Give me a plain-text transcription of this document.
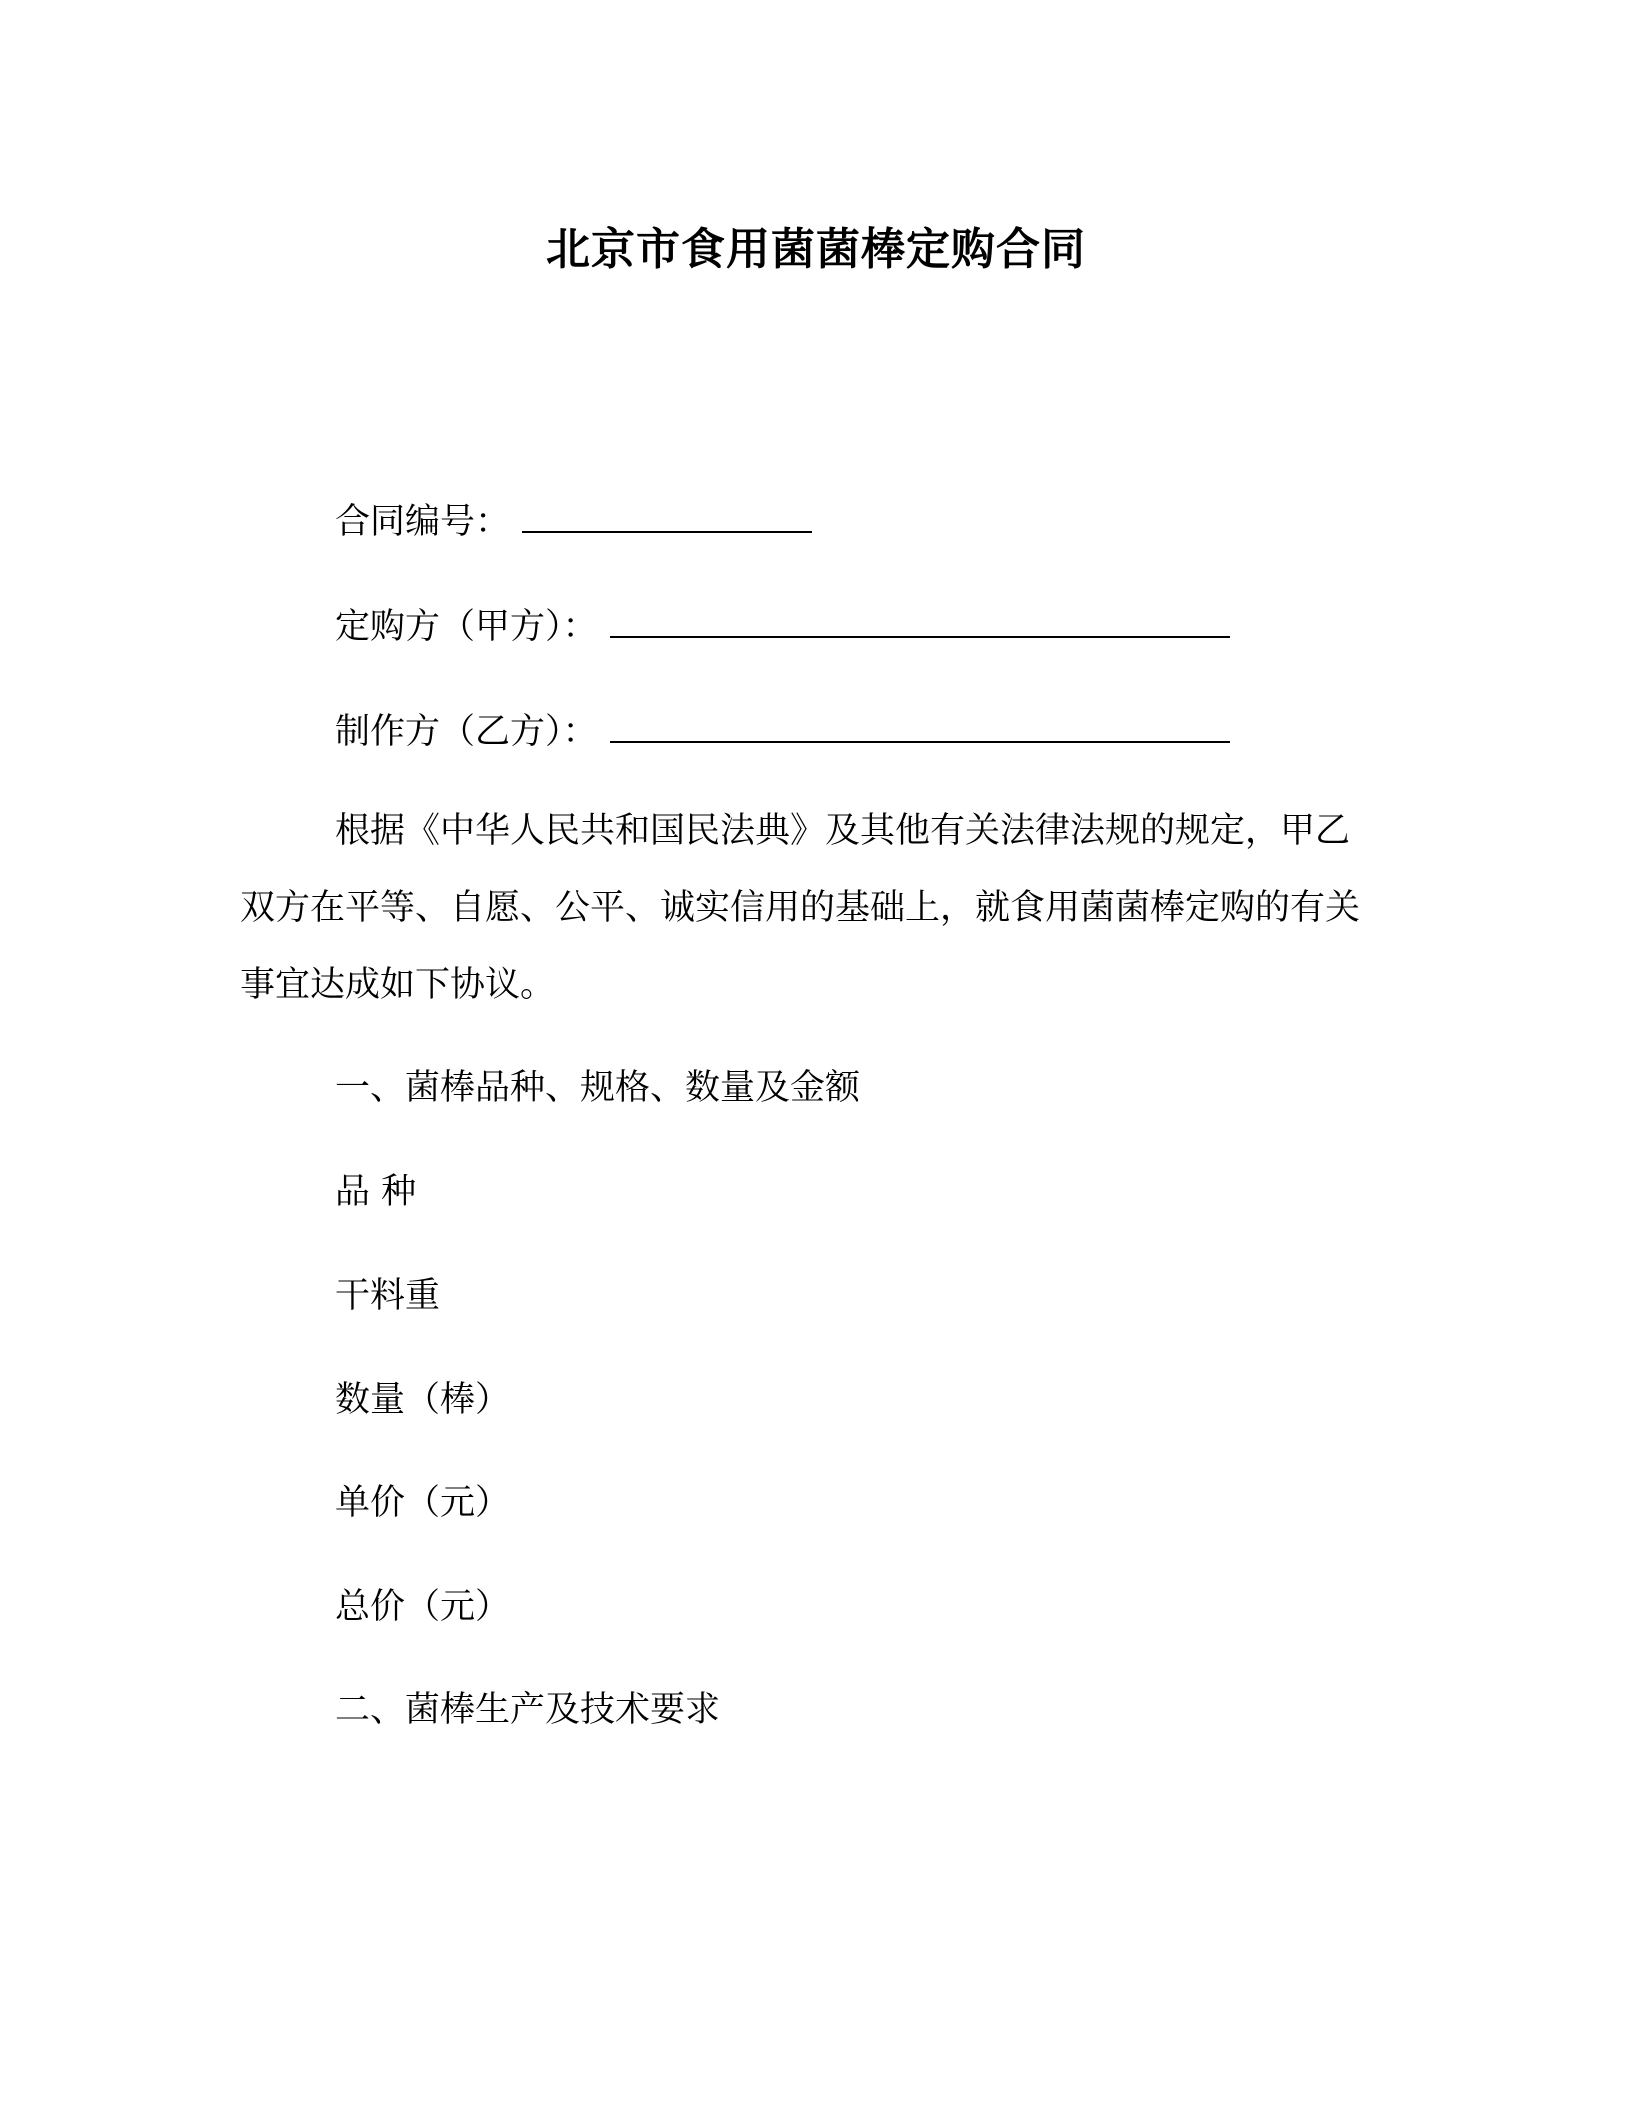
北京市食用菌菌棒定购合同
合同编号：
定购方（甲方）：
制作方（乙方）：
根据《中华人民共和国民法典》及其他有关法律法规的规定，甲乙双方在平等、自愿、公平、诚实信用的基础上，就食用菌菌棒定购的有关事宜达成如下协议。
一、菌棒品种、规格、数量及金额
品 种
干料重
数量（棒）
单价（元）
总价（元）
二、菌棒生产及技术要求
